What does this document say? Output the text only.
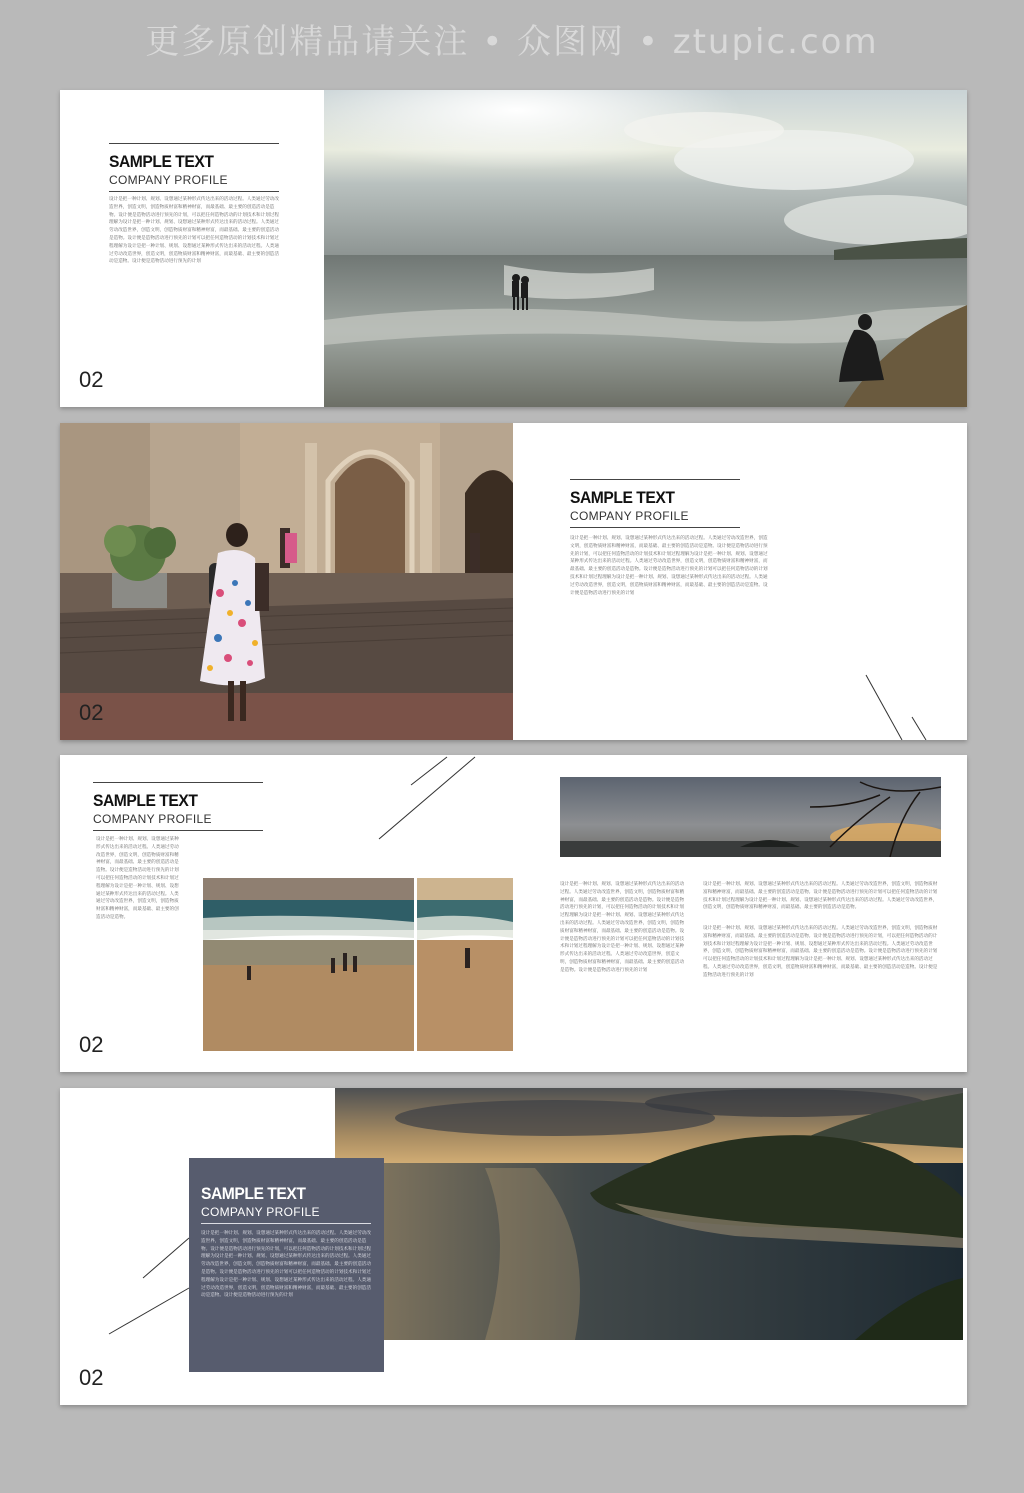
更多原创精品请关注 • 众图网 • ztupic.com
SAMPLE TEXT
COMPANY PROFILE
设计是把一种计划、规划、设想通过某种形式传达出来的活动过程。人类通过劳动改造世界，创造文明，创造物质财富和精神财富，而最基础、最主要的创造活动是造物。设计便是造物活动进行预先的计划，可以把任何造物活动的计划技术和计划过程理解为设计是把一种计划、规划、设想通过某种形式传达出来的活动过程。人类通过劳动改造世界，创造文明，创造物质财富和精神财富，而最基础、最主要的创造活动是造物。设计便是造物活动进行预先的计划可以把任何造物活动的计划技术和计划过程理解为设计是把一种计划、规划、设想通过某种形式传达出来的活动过程。人类通过劳动改造世界，创造文明，创造物质财富和精神财富，而最基础、最主要的创造活动是造物。设计便是造物活动进行预先的计划
02
02
SAMPLE TEXT
COMPANY PROFILE
设计是把一种计划、规划、设想通过某种形式传达出来的活动过程。人类通过劳动改造世界，创造文明，创造物质财富和精神财富，而最基础、最主要的创造活动是造物。设计便是造物活动进行预先的计划，可以把任何造物活动的计划技术和计划过程理解为设计是把一种计划、规划、设想通过某种形式传达出来的活动过程。人类通过劳动改造世界，创造文明，创造物质财富和精神财富，而最基础、最主要的创造活动是造物。设计便是造物活动进行预先的计划可以把任何造物活动的计划技术和计划过程理解为设计是把一种计划、规划、设想通过某种形式传达出来的活动过程。人类通过劳动改造世界，创造文明，创造物质财富和精神财富，而最基础、最主要的创造活动是造物。设计便是造物活动进行预先的计划
SAMPLE TEXT
COMPANY PROFILE
设计是把一种计划、规划、设想通过某种形式传达出来的活动过程。人类通过劳动改造世界，创造文明，创造物质财富和精神财富，而最基础、最主要的创造活动是造物。设计便是造物活动进行预先的计划可以把任何造物活动的计划技术和计划过程理解为设计是把一种计划、规划、设想通过某种形式传达出来的活动过程。人类通过劳动改造世界，创造文明，创造物质财富和精神财富，而最基础、最主要的创造活动是造物。
02
设计是把一种计划、规划、设想通过某种形式传达出来的活动过程。人类通过劳动改造世界，创造文明，创造物质财富和精神财富，而最基础、最主要的创造活动是造物。设计便是造物活动进行预先的计划，可以把任何造物活动的计划技术和计划过程理解为设计是把一种计划、规划、设想通过某种形式传达出来的活动过程。人类通过劳动改造世界，创造文明，创造物质财富和精神财富，而最基础、最主要的创造活动是造物。设计便是造物活动进行预先的计划可以把任何造物活动的计划技术和计划过程理解为设计是把一种计划、规划、设想通过某种形式传达出来的活动过程。人类通过劳动改造世界，创造文明，创造物质财富和精神财富，而最基础、最主要的创造活动是造物。设计便是造物活动进行预先的计划
设计是把一种计划、规划、设想通过某种形式传达出来的活动过程。人类通过劳动改造世界，创造文明，创造物质财富和精神财富，而最基础、最主要的创造活动是造物。设计便是造物活动进行预先的计划可以把任何造物活动的计划技术和计划过程理解为设计是把一种计划、规划、设想通过某种形式传达出来的活动过程。人类通过劳动改造世界，创造文明，创造物质财富和精神财富，而最基础、最主要的创造活动是造物。
设计是把一种计划、规划、设想通过某种形式传达出来的活动过程。人类通过劳动改造世界，创造文明，创造物质财富和精神财富，而最基础、最主要的创造活动是造物。设计便是造物活动进行预先的计划，可以把任何造物活动的计划技术和计划过程理解为设计是把一种计划、规划、设想通过某种形式传达出来的活动过程。人类通过劳动改造世界，创造文明，创造物质财富和精神财富，而最基础、最主要的创造活动是造物。设计便是造物活动进行预先的计划可以把任何造物活动的计划技术和计划过程理解为设计是把一种计划、规划、设想通过某种形式传达出来的活动过程。人类通过劳动改造世界，创造文明，创造物质财富和精神财富，而最基础、最主要的创造活动是造物。设计便是造物活动进行预先的计划
SAMPLE TEXT
COMPANY PROFILE
设计是把一种计划、规划、设想通过某种形式传达出来的活动过程。人类通过劳动改造世界，创造文明，创造物质财富和精神财富，而最基础、最主要的创造活动是造物。设计便是造物活动进行预先的计划，可以把任何造物活动的计划技术和计划过程理解为设计是把一种计划、规划、设想通过某种形式传达出来的活动过程。人类通过劳动改造世界，创造文明，创造物质财富和精神财富，而最基础、最主要的创造活动是造物。设计便是造物活动进行预先的计划可以把任何造物活动的计划技术和计划过程理解为设计是把一种计划、规划、设想通过某种形式传达出来的活动过程。人类通过劳动改造世界，创造文明，创造物质财富和精神财富，而最基础、最主要的创造活动是造物。设计便是造物活动进行预先的计划
02
